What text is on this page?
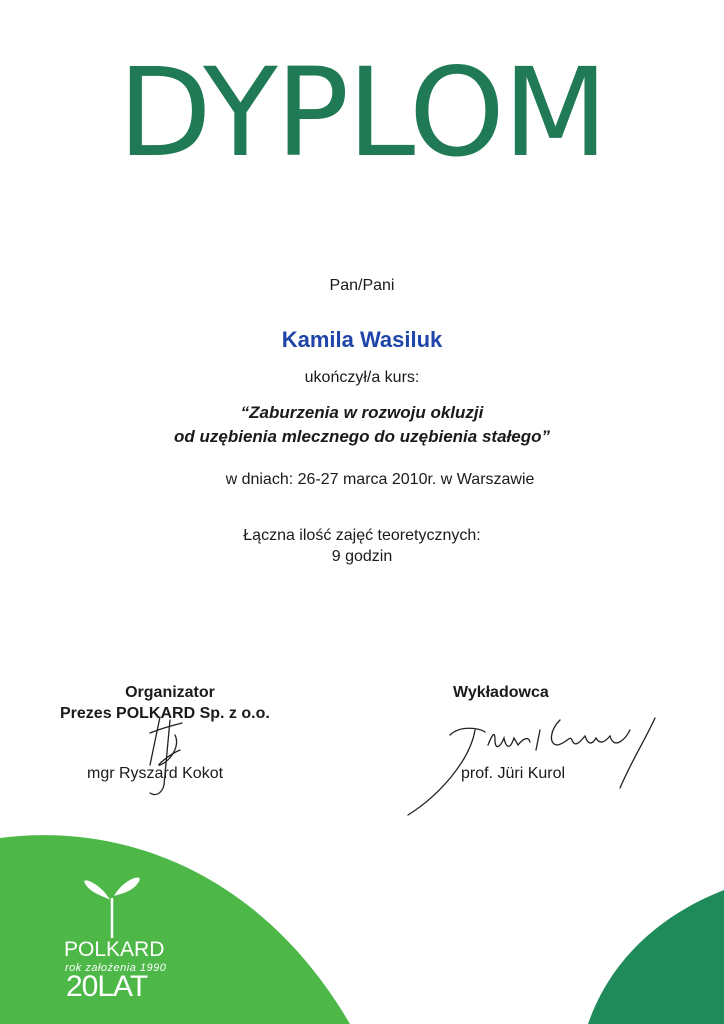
DYPLOM
Pan/Pani
Kamila Wasiluk
ukończył/a kurs:
“Zaburzenia w rozwoju okluzji
od uzębienia mlecznego do uzębienia stałego”
w dniach: 26-27 marca 2010r. w Warszawie
Łączna ilość zajęć teoretycznych:
9 godzin
Organizator
Prezes POLKARD Sp. z o.o.
mgr Ryszard Kokot
Wykładowca
prof. Jüri Kurol
POLKARD
rok założenia 1990
20LAT
